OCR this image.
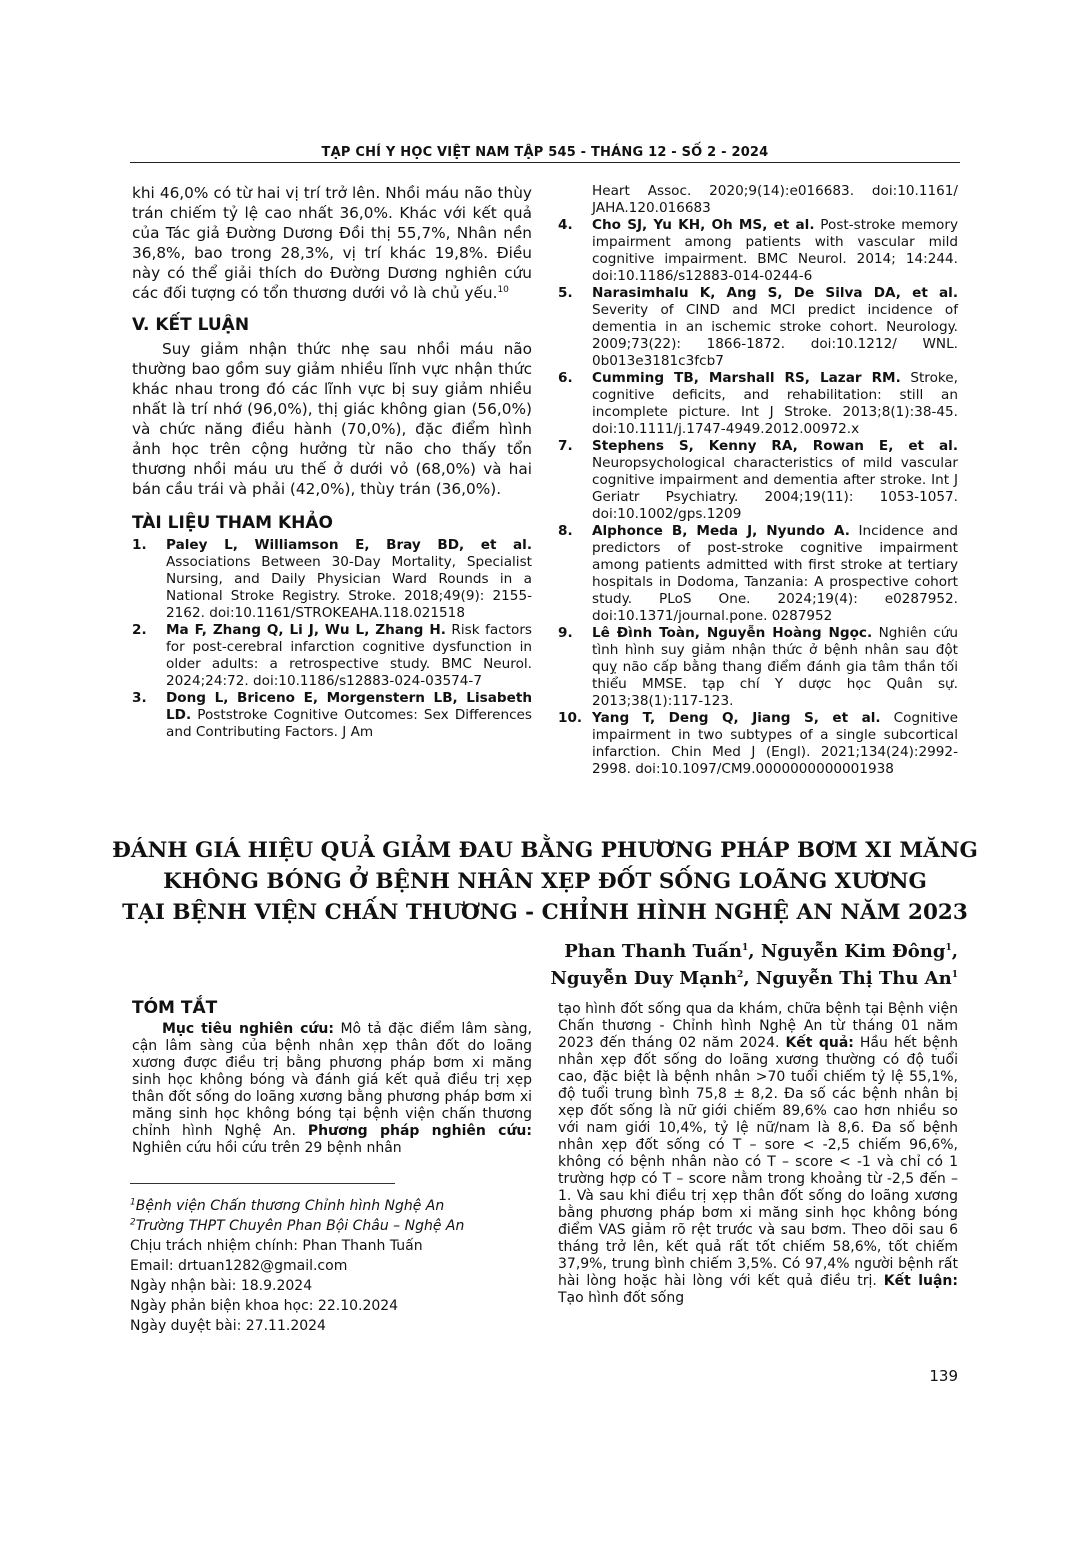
TẠP CHÍ Y HỌC VIỆT NAM TẬP 545 - THÁNG 12 - SỐ 2 - 2024

khi 46,0% có từ hai vị trí trở lên. Nhồi máu não thùy trán chiếm tỷ lệ cao nhất 36,0%. Khác với kết quả của Tác giả Đường Dương Đồi thị 55,7%, Nhân nền 36,8%, bao trong 28,3%, vị trí khác 19,8%. Điều này có thể giải thích do Đường Dương nghiên cứu các đối tượng có tổn thương dưới vỏ là chủ yếu.$^{10}$

V. KẾT LUẬN

Suy giảm nhận thức nhẹ sau nhồi máu não thường bao gồm suy giảm nhiều lĩnh vực nhận thức khác nhau trong đó các lĩnh vực bị suy giảm nhiều nhất là trí nhớ (96,0%), thị giác không gian (56,0%) và chức năng điều hành (70,0%), đặc điểm hình ảnh học trên cộng hưởng từ não cho thấy tổn thương nhồi máu ưu thế ở dưới vỏ (68,0%) và hai bán cầu trái và phải (42,0%), thùy trán (36,0%).

TÀI LIỆU THAM KHẢO
1. Paley L, Williamson E, Bray BD, et al. Associations Between 30-Day Mortality, Specialist Nursing, and Daily Physician Ward Rounds in a National Stroke Registry. Stroke. 2018;49(9): 2155-2162. doi:10.1161/STROKEAHA.118.021518
2. Ma F, Zhang Q, Li J, Wu L, Zhang H. Risk factors for post-cerebral infarction cognitive dysfunction in older adults: a retrospective study. BMC Neurol. 2024;24:72. doi:10.1186/s12883-024-03574-7
3. Dong L, Briceno E, Morgenstern LB, Lisabeth LD. Poststroke Cognitive Outcomes: Sex Differences and Contributing Factors. J Am
Heart Assoc. 2020;9(14):e016683. doi:10.1161/ JAHA.120.016683
4. Cho SJ, Yu KH, Oh MS, et al. Post-stroke memory impairment among patients with vascular mild cognitive impairment. BMC Neurol. 2014; 14:244. doi:10.1186/s12883-014-0244-6
5. Narasimhalu K, Ang S, De Silva DA, et al. Severity of CIND and MCI predict incidence of dementia in an ischemic stroke cohort. Neurology. 2009;73(22): 1866-1872. doi:10.1212/ WNL. 0b013e3181c3fcb7
6. Cumming TB, Marshall RS, Lazar RM. Stroke, cognitive deficits, and rehabilitation: still an incomplete picture. Int J Stroke. 2013;8(1):38-45. doi:10.1111/j.1747-4949.2012.00972.x
7. Stephens S, Kenny RA, Rowan E, et al. Neuropsychological characteristics of mild vascular cognitive impairment and dementia after stroke. Int J Geriatr Psychiatry. 2004;19(11): 1053-1057. doi:10.1002/gps.1209
8. Alphonce B, Meda J, Nyundo A. Incidence and predictors of post-stroke cognitive impairment among patients admitted with first stroke at tertiary hospitals in Dodoma, Tanzania: A prospective cohort study. PLoS One. 2024;19(4): e0287952. doi:10.1371/journal.pone. 0287952
9. Lê Đình Toàn, Nguyễn Hoàng Ngọc. Nghiên cứu tình hình suy giảm nhận thức ở bệnh nhân sau đột quỵ não cấp bằng thang điểm đánh gia tâm thần tối thiểu MMSE. tạp chí Y dược học Quân sự. 2013;38(1):117-123.
10. Yang T, Deng Q, Jiang S, et al. Cognitive impairment in two subtypes of a single subcortical infarction. Chin Med J (Engl). 2021;134(24):2992-2998. doi:10.1097/CM9.0000000000001938
ĐÁNH GIÁ HIỆU QUẢ GIẢM ĐAU BẰNG PHƯƠNG PHÁP BƠM XI MĂNG
KHÔNG BÓNG Ở BỆNH NHÂN XẸP ĐỐT SỐNG LOÃNG XƯƠNG
TẠI BỆNH VIỆN CHẤN THƯƠNG - CHỈNH HÌNH NGHỆ AN NĂM 2023
Phan Thanh Tuấn$^1$, Nguyễn Kim Đông$^1$,
Nguyễn Duy Mạnh$^2$, Nguyễn Thị Thu An$^1$
TÓM TẮT

Mục tiêu nghiên cứu: Mô tả đặc điểm lâm sàng, cận lâm sàng của bệnh nhân xẹp thân đốt do loãng xương được điều trị bằng phương pháp bơm xi măng sinh học không bóng và đánh giá kết quả điều trị xẹp thân đốt sống do loãng xương bằng phương pháp bơm xi măng sinh học không bóng tại bệnh viện chấn thương chỉnh hình Nghệ An. Phương pháp nghiên cứu: Nghiên cứu hồi cứu trên 29 bệnh nhân

tạo hình đốt sống qua da khám, chữa bệnh tại Bệnh viện Chấn thương - Chỉnh hình Nghệ An từ tháng 01 năm 2023 đến tháng 02 năm 2024. Kết quả: Hầu hết bệnh nhân xẹp đốt sống do loãng xương thường có độ tuổi cao, đặc biệt là bệnh nhân >70 tuổi chiếm tỷ lệ 55,1%, độ tuổi trung bình 75,8 ± 8,2. Đa số các bệnh nhân bị xẹp đốt sống là nữ giới chiếm 89,6% cao hơn nhiều so với nam giới 10,4%, tỷ lệ nữ/nam là 8,6. Đa số bệnh nhân xẹp đốt sống có T – sore < -2,5 chiếm 96,6%, không có bệnh nhân nào có T – score < -1 và chỉ có 1 trường hợp có T – score nằm trong khoảng từ -2,5 đến – 1. Và sau khi điều trị xẹp thân đốt sống do loãng xương bằng phương pháp bơm xi măng sinh học không bóng điểm VAS giảm rõ rệt trước và sau bơm. Theo dõi sau 6 tháng trở lên, kết quả rất tốt chiếm 58,6%, tốt chiếm 37,9%, trung bình chiếm 3,5%. Có 97,4% người bệnh rất hài lòng hoặc hài lòng với kết quả điều trị. Kết luận: Tạo hình đốt sống

$^1$Bệnh viện Chấn thương Chỉnh hình Nghệ An
$^2$Trường THPT Chuyên Phan Bội Châu – Nghệ An
Chịu trách nhiệm chính: Phan Thanh Tuấn
Email: drtuan1282@gmail.com
Ngày nhận bài: 18.9.2024
Ngày phản biện khoa học: 22.10.2024
Ngày duyệt bài: 27.11.2024
139
